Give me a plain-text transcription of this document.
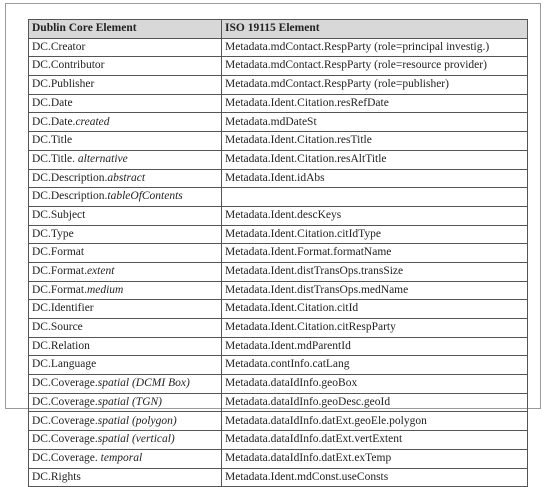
Dublin Core Element	ISO 19115 Element
DC.Creator	Metadata.mdContact.RespParty (role=principal investig.)
DC.Contributor	Metadata.mdContact.RespParty (role=resource provider)
DC.Publisher	Metadata.mdContact.RespParty (role=publisher)
DC.Date	Metadata.Ident.Citation.resRefDate
DC.Date.created	Metadata.mdDateSt
DC.Title	Metadata.Ident.Citation.resTitle
DC.Title. alternative	Metadata.Ident.Citation.resAltTitle
DC.Description.abstract	Metadata.Ident.idAbs
DC.Description.tableOfContents	
DC.Subject	Metadata.Ident.descKeys
DC.Type	Metadata.Ident.Citation.citIdType
DC.Format	Metadata.Ident.Format.formatName
DC.Format.extent	Metadata.Ident.distTransOps.transSize
DC.Format.medium	Metadata.Ident.distTransOps.medName
DC.Identifier	Metadata.Ident.Citation.citId
DC.Source	Metadata.Ident.Citation.citRespParty
DC.Relation	Metadata.Ident.mdParentId
DC.Language	Metadata.contInfo.catLang
DC.Coverage.spatial (DCMI Box)	Metadata.dataIdInfo.geoBox
DC.Coverage.spatial (TGN)	Metadata.dataIdInfo.geoDesc.geoId
DC.Coverage.spatial (polygon)	Metadata.dataIdInfo.datExt.geoEle.polygon
DC.Coverage.spatial (vertical)	Metadata.dataIdInfo.datExt.vertExtent
DC.Coverage. temporal	Metadata.dataIdInfo.datExt.exTemp
DC.Rights	Metadata.Ident.mdConst.useConsts
